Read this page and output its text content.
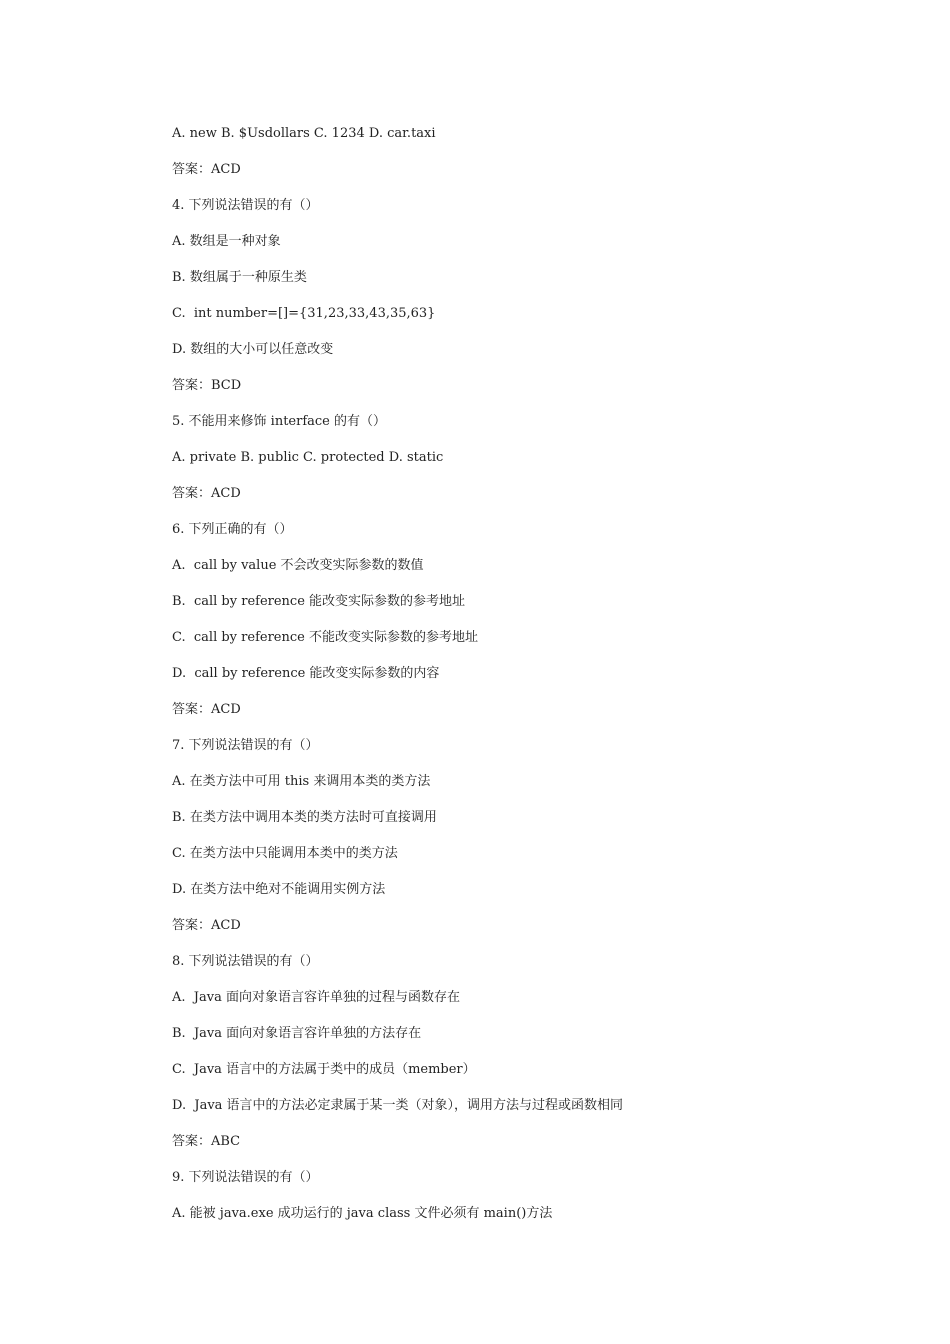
A. new B. $Usdollars C. 1234 D. car.taxi
答案：ACD
4. 下列说法错误的有（）
A. 数组是一种对象
B. 数组属于一种原生类
C.  int number=[]={31,23,33,43,35,63}
D. 数组的大小可以任意改变
答案：BCD
5. 不能用来修饰 interface 的有（）
A. private B. public C. protected D. static
答案：ACD
6. 下列正确的有（）
A.  call by value 不会改变实际参数的数值
B.  call by reference 能改变实际参数的参考地址
C.  call by reference 不能改变实际参数的参考地址
D.  call by reference 能改变实际参数的内容
答案：ACD
7. 下列说法错误的有（）
A. 在类方法中可用 this 来调用本类的类方法
B. 在类方法中调用本类的类方法时可直接调用
C. 在类方法中只能调用本类中的类方法
D. 在类方法中绝对不能调用实例方法
答案：ACD
8. 下列说法错误的有（）
A.  Java 面向对象语言容许单独的过程与函数存在
B.  Java 面向对象语言容许单独的方法存在
C.  Java 语言中的方法属于类中的成员（member）
D.  Java 语言中的方法必定隶属于某一类（对象），调用方法与过程或函数相同
答案：ABC
9. 下列说法错误的有（）
A. 能被 java.exe 成功运行的 java class 文件必须有 main()方法
